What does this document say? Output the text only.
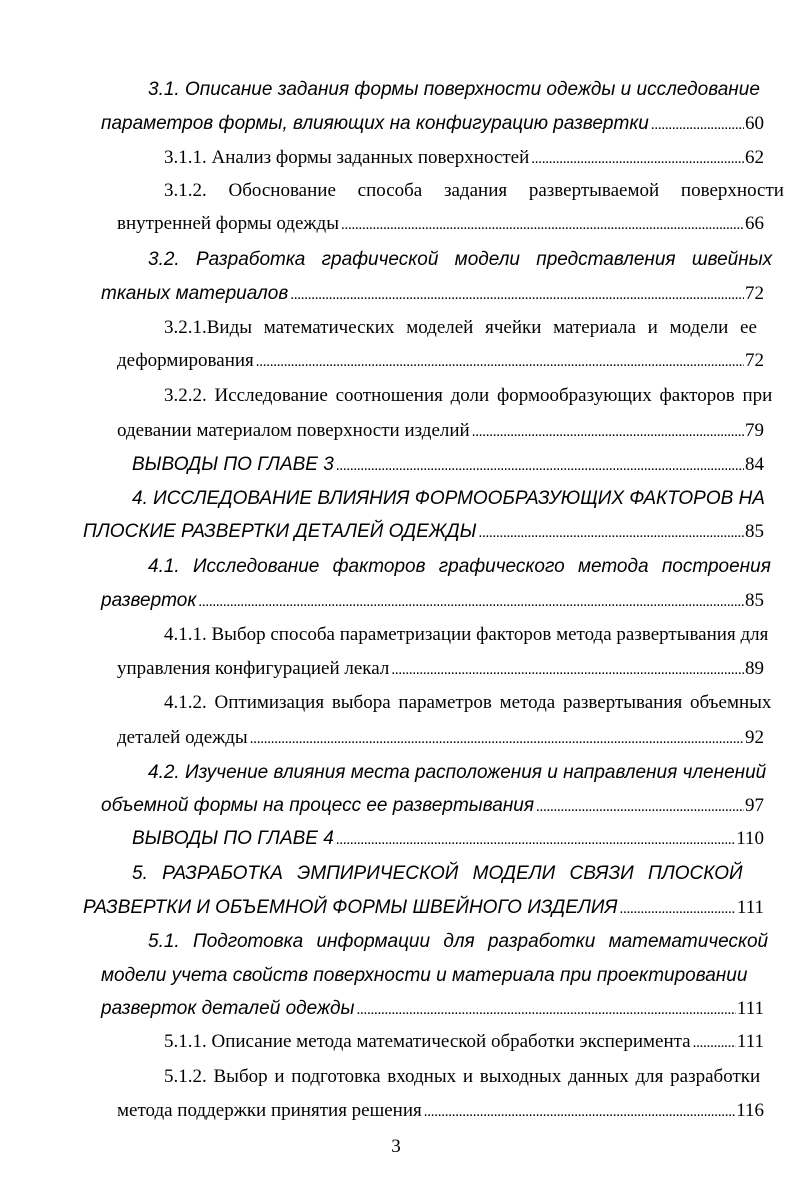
3.1. Описание задания формы поверхности одежды и исследование
параметров формы, влияющих на конфигурацию развертки . . .	60
3.1.1. Анализ формы заданных поверхностей . . .	62
3.1.2. Обоснование способа задания развертываемой поверхности
внутренней формы одежды . . .	66
3.2. Разработка графической модели представления швейных
тканых материалов . . .	72
3.2.1.Виды математических моделей ячейки материала и модели ее
деформирования . . .	72
3.2.2. Исследование соотношения доли формообразующих факторов при
одевании материалом поверхности изделий . . .	79
ВЫВОДЫ ПО ГЛАВЕ 3 . . .	84
4. ИССЛЕДОВАНИЕ ВЛИЯНИЯ ФОРМООБРАЗУЮЩИХ ФАКТОРОВ НА
ПЛОСКИЕ РАЗВЕРТКИ ДЕТАЛЕЙ ОДЕЖДЫ . . .	85
4.1. Исследование факторов графического метода построения
разверток . . .	85
4.1.1. Выбор способа параметризации факторов метода развертывания для
управления конфигурацией лекал . . .	89
4.1.2. Оптимизация выбора параметров метода развертывания объемных
деталей одежды . . .	92
4.2. Изучение влияния места расположения и направления членений
объемной формы на процесс ее развертывания . . .	97
ВЫВОДЫ ПО ГЛАВЕ 4 . . .	110
5. РАЗРАБОТКА ЭМПИРИЧЕСКОЙ МОДЕЛИ СВЯЗИ ПЛОСКОЙ
РАЗВЕРТКИ И ОБЪЕМНОЙ ФОРМЫ ШВЕЙНОГО ИЗДЕЛИЯ . . .	111
5.1. Подготовка информации для разработки математической
модели учета свойств поверхности и материала при проектировании
разверток деталей одежды . . .	111
5.1.1. Описание метода математической обработки эксперимента . . . 111
5.1.2. Выбор и подготовка входных и выходных данных для разработки
метода поддержки принятия решения . . .	116
3
